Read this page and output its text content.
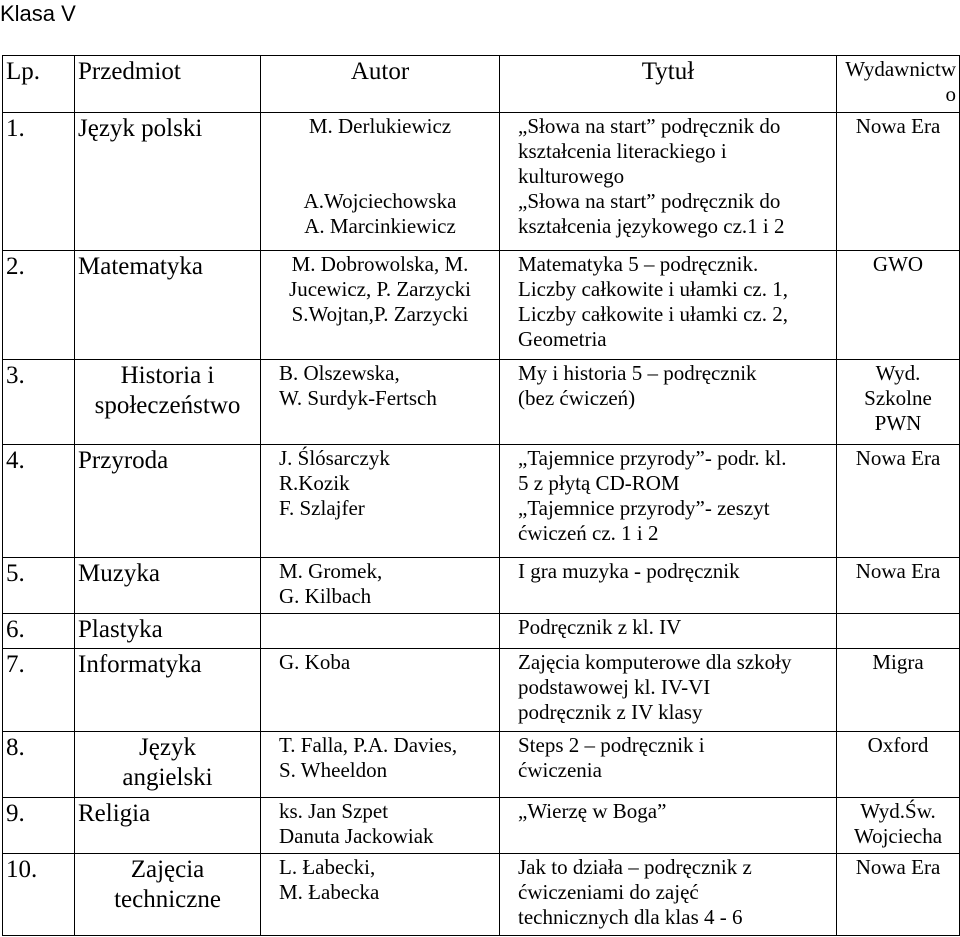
Klasa V
Lp.	Przedmiot	Autor	Tytuł	Wydawnictwo
1.	Język polski	M. Derlukiewicz

A.Wojciechowska
A. Marcinkiewicz	„Słowa na start” podręcznik do
kształcenia literackiego i
kulturowego
„Słowa na start” podręcznik do
kształcenia językowego cz.1 i 2	Nowa Era

2.	Matematyka	M. Dobrowolska, M.
Jucewicz, P. Zarzycki
S.Wojtan,P. Zarzycki	Matematyka 5 – podręcznik.
Liczby całkowite i ułamki cz. 1,
Liczby całkowite i ułamki cz. 2,
Geometria	GWO

3.	Historia i
społeczeństwo	B. Olszewska,
W. Surdyk-Fertsch	My i historia 5 – podręcznik
(bez ćwiczeń)	Wyd.
Szkolne
PWN

4.	Przyroda	J. Ślósarczyk
R.Kozik
F. Szlajfer	„Tajemnice przyrody”- podr. kl.
5 z płytą CD-ROM
„Tajemnice przyrody”- zeszyt
ćwiczeń cz. 1 i 2	Nowa Era

5.	Muzyka	M. Gromek,
G. Kilbach	I gra muzyka - podręcznik	Nowa Era

6.	Plastyka		Podręcznik z kl. IV	

7.	Informatyka	G. Koba	Zajęcia komputerowe dla szkoły
podstawowej kl. IV-VI
podręcznik z IV klasy	Migra

8.	Język
angielski	T. Falla, P.A. Davies,
S. Wheeldon	Steps 2 – podręcznik i
ćwiczenia	Oxford

9.	Religia	ks. Jan Szpet
Danuta Jackowiak	„Wierzę w Boga”	Wyd.Św.
Wojciecha

10.	Zajęcia
techniczne	L. Łabecki,
M. Łabecka	Jak to działa – podręcznik z
ćwiczeniami do zajęć
technicznych dla klas 4 - 6	Nowa Era
